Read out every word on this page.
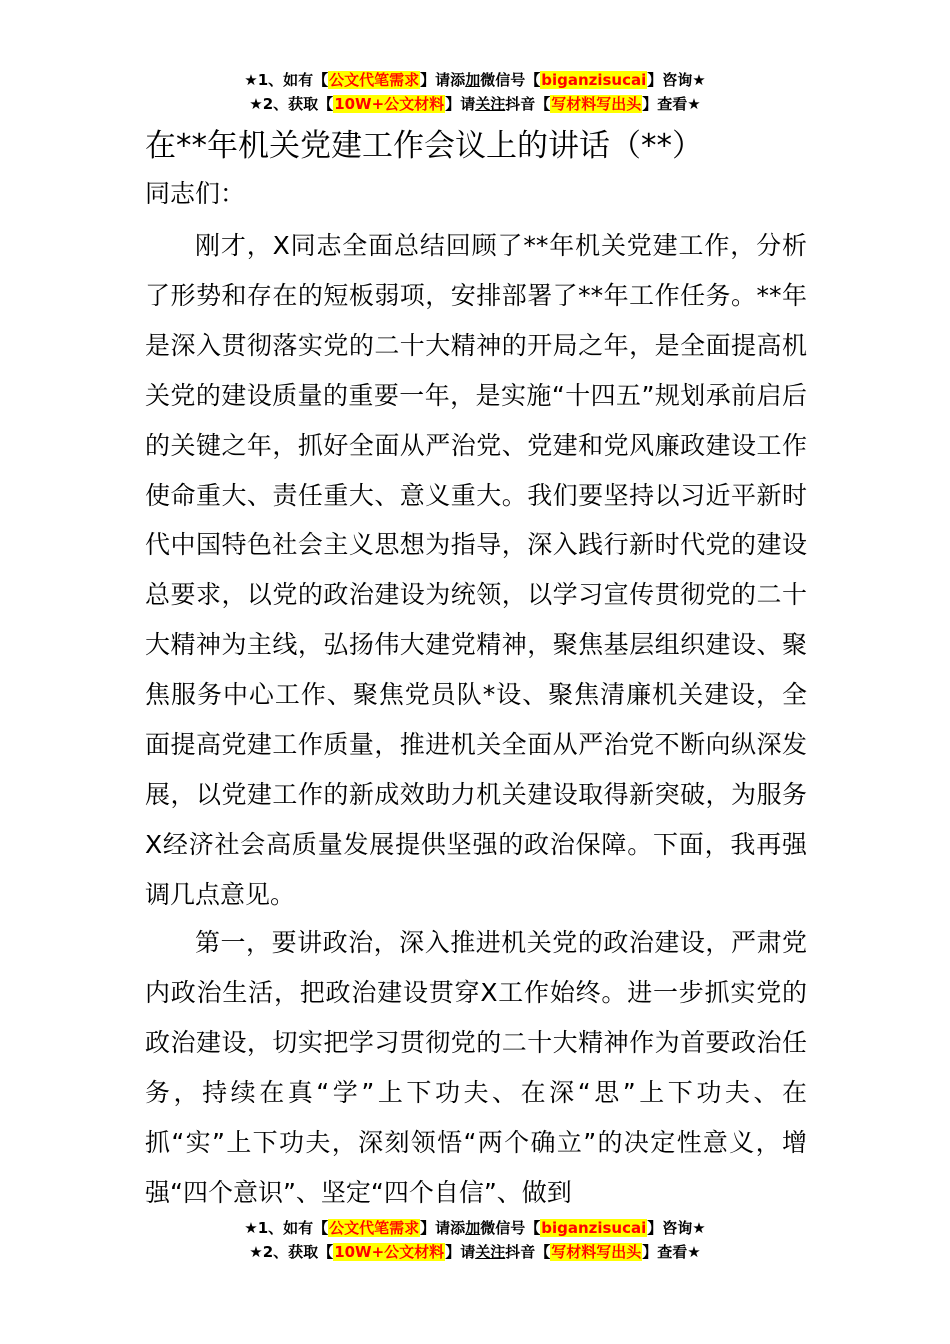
★1、如有【公文代笔需求】请添加微信号【biganzisucai】咨询★
★2、获取【10W+公文材料】请关注抖音【写材料写出头】查看★
在**年机关党建工作会议上的讲话（**）
同志们：

刚才，X同志全面总结回顾了**年机关党建工作，分析了形势和存在的短板弱项，安排部署了**年工作任务。**年是深入贯彻落实党的二十大精神的开局之年，是全面提高机关党的建设质量的重要一年，是实施“十四五”规划承前启后的关键之年，抓好全面从严治党、党建和党风廉政建设工作使命重大、责任重大、意义重大。我们要坚持以习近平新时代中国特色社会主义思想为指导，深入践行新时代党的建设总要求，以党的政治建设为统领，以学习宣传贯彻党的二十大精神为主线，弘扬伟大建党精神，聚焦基层组织建设、聚焦服务中心工作、聚焦党员队*设、聚焦清廉机关建设，全面提高党建工作质量，推进机关全面从严治党不断向纵深发展，以党建工作的新成效助力机关建设取得新突破，为服务X经济社会高质量发展提供坚强的政治保障。下面，我再强调几点意见。

第一，要讲政治，深入推进机关党的政治建设，严肃党内政治生活，把政治建设贯穿X工作始终。进一步抓实党的政治建设，切实把学习贯彻党的二十大精神作为首要政治任务，持续在真“学”上下功夫、在深“思”上下功夫、在抓“实”上下功夫，深刻领悟“两个确立”的决定性意义，增强“四个意识”、坚定“四个自信”、做到

★1、如有【公文代笔需求】请添加微信号【biganzisucai】咨询★
★2、获取【10W+公文材料】请关注抖音【写材料写出头】查看★
